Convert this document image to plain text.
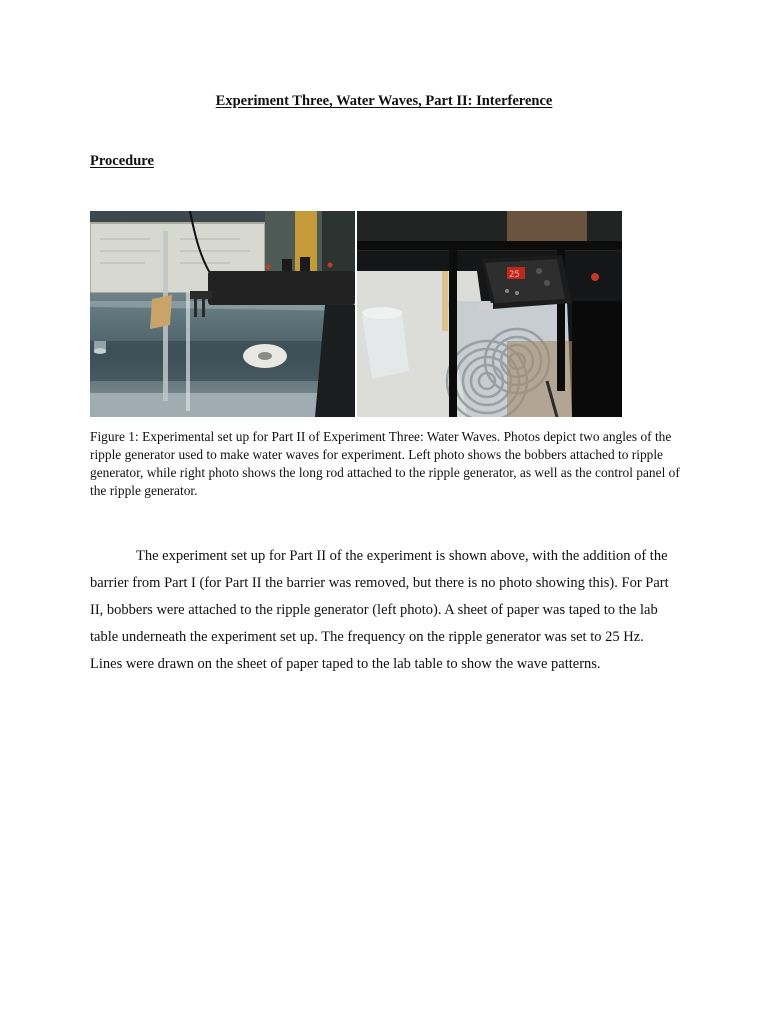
Experiment Three, Water Waves, Part II: Interference
Procedure
25

Figure 1: Experimental set up for Part II of Experiment Three: Water Waves. Photos depict two angles of the ripple generator used to make water waves for experiment. Left photo shows the bobbers attached to ripple generator, while right photo shows the long rod attached to the ripple generator, as well as the control panel of the ripple generator.

The experiment set up for Part II of the experiment is shown above, with the addition of the barrier from Part I (for Part II the barrier was removed, but there is no photo showing this). For Part II, bobbers were attached to the ripple generator (left photo). A sheet of paper was taped to the lab table underneath the experiment set up. The frequency on the ripple generator was set to 25 Hz. Lines were drawn on the sheet of paper taped to the lab table to show the wave patterns.
